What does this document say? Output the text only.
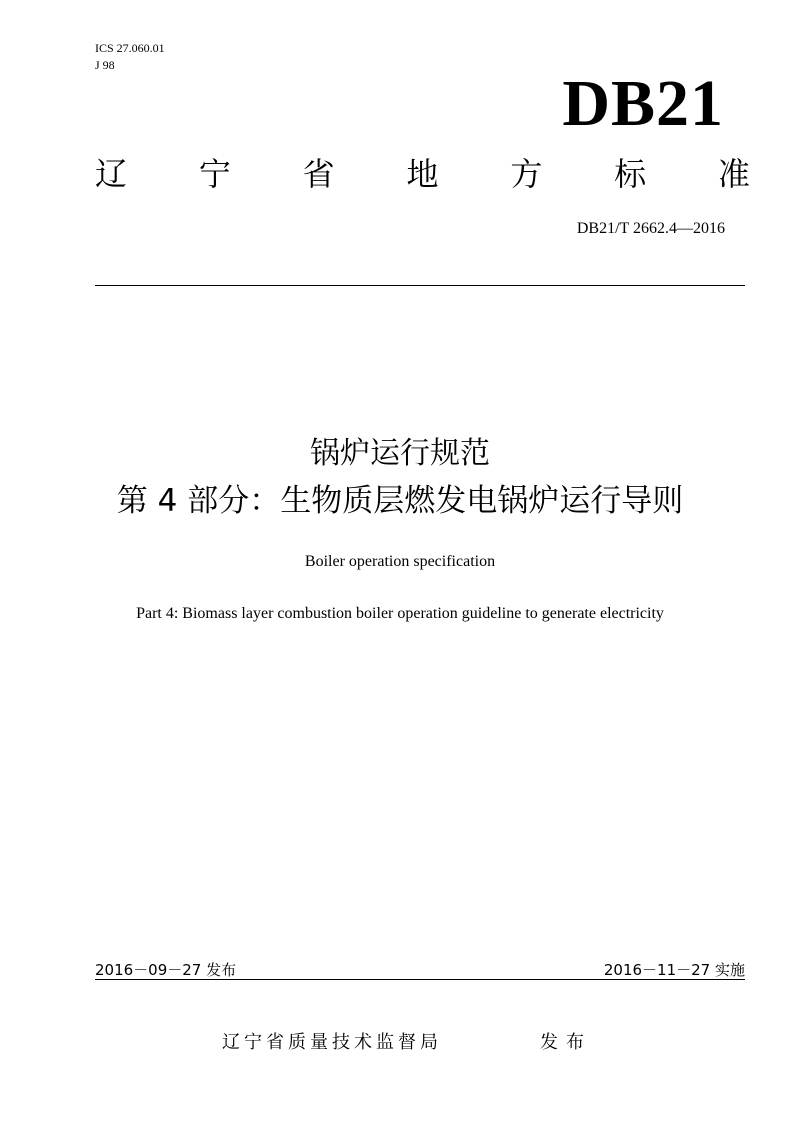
ICS 27.060.01
J 98
DB21
辽 宁 省 地 方 标 准
DB21/T 2662.4—2016
锅炉运行规范
第 4 部分：生物质层燃发电锅炉运行导则
Boiler operation specification
Part 4: Biomass layer combustion boiler operation guideline to generate electricity
2016－09－27 发布	2016－11－27 实施
辽宁省质量技术监督局	发布
